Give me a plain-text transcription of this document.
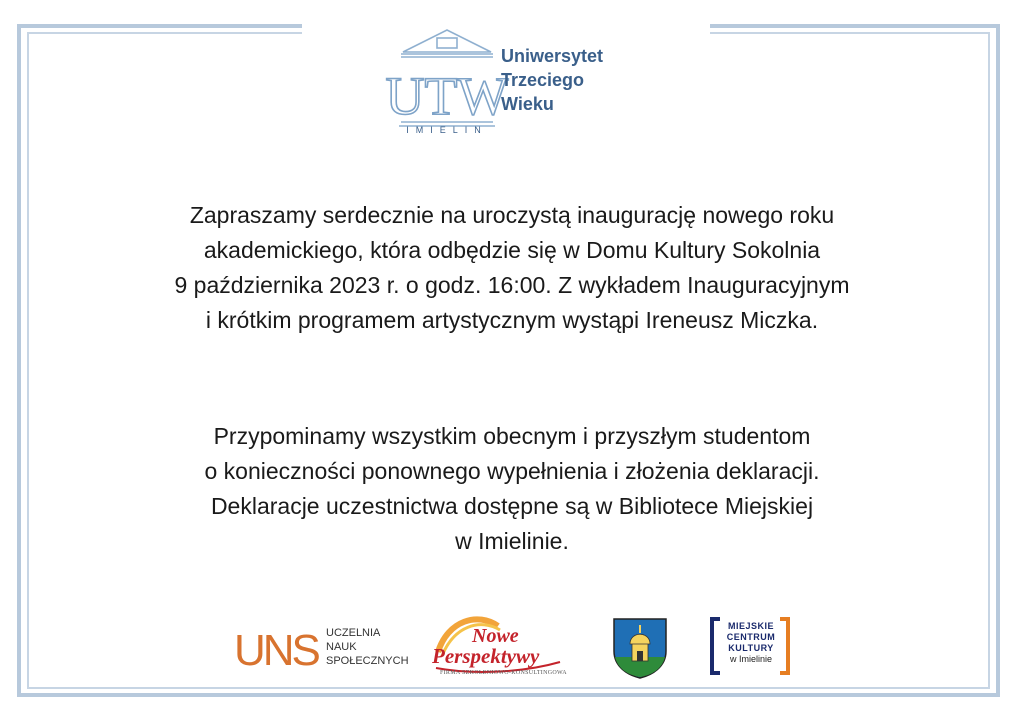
UTW
IMIELIN
Uniwersytet
Trzeciego
Wieku
Zapraszamy serdecznie na uroczystą inaugurację nowego roku
akademickiego, która odbędzie się w Domu Kultury Sokolnia
9 października 2023 r. o godz. 16:00. Z wykładem Inauguracyjnym
i krótkim programem artystycznym wystąpi Ireneusz Miczka.
Przypominamy wszystkim obecnym i przyszłym studentom
o konieczności ponownego wypełnienia i złożenia deklaracji.
Deklaracje uczestnictwa dostępne są w Bibliotece Miejskiej
w Imielinie.
UNS UCZELNIA
NAUK
SPOŁECZNYCH
Nowe
Perspektywy
FIRMA SZKOLENIOWO-KONSULTINGOWA
MIEJSKIE
CENTRUM
KULTURY
w Imielinie
